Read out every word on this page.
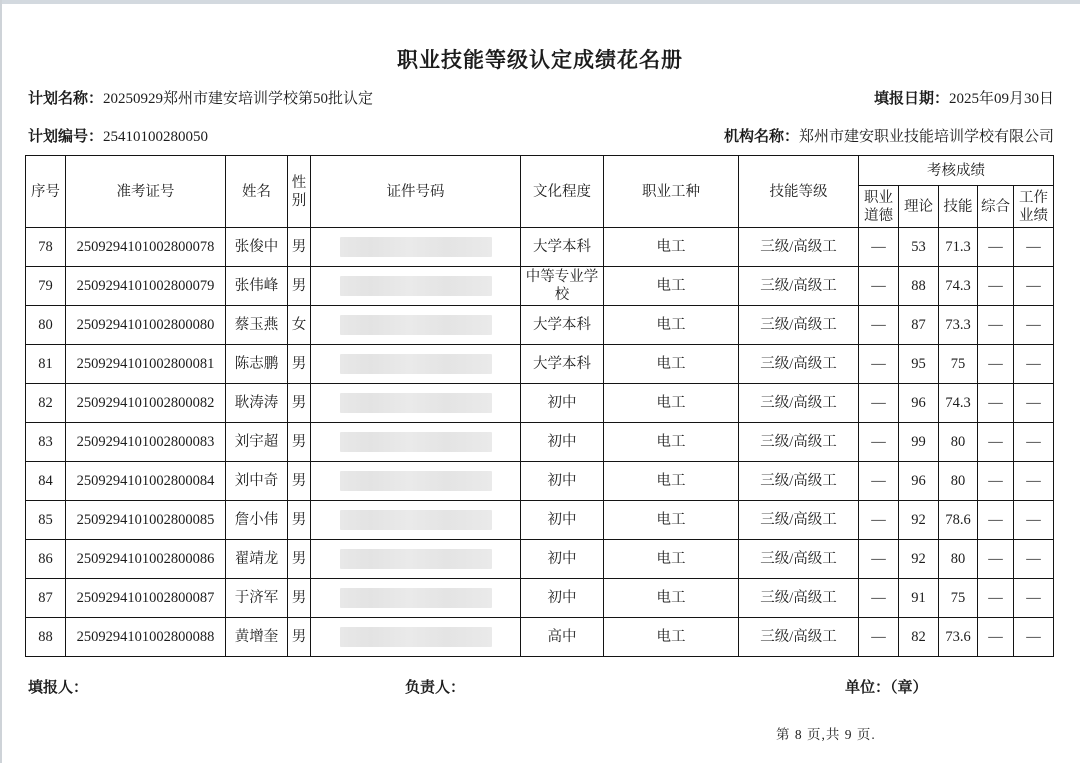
职业技能等级认定成绩花名册
计划名称：20250929郑州市建安培训学校第50批认定	填报日期：2025年09月30日
计划编号：25410100280050	机构名称：郑州市建安职业技能培训学校有限公司
序号	准考证号	姓名	性别	证件号码	文化程度	职业工种	技能等级	考核成绩				
								职业道德	理论	技能	综合	工作业绩
78	2509294101002800078	张俊中	男		大学本科	电工	三级/高级工	—	53	71.3	—	—
79	2509294101002800079	张伟峰	男		中等专业学校	电工	三级/高级工	—	88	74.3	—	—
80	2509294101002800080	蔡玉燕	女		大学本科	电工	三级/高级工	—	87	73.3	—	—
81	2509294101002800081	陈志鹏	男		大学本科	电工	三级/高级工	—	95	75	—	—
82	2509294101002800082	耿涛涛	男		初中	电工	三级/高级工	—	96	74.3	—	—
83	2509294101002800083	刘宇超	男		初中	电工	三级/高级工	—	99	80	—	—
84	2509294101002800084	刘中奇	男		初中	电工	三级/高级工	—	96	80	—	—
85	2509294101002800085	詹小伟	男		初中	电工	三级/高级工	—	92	78.6	—	—
86	2509294101002800086	翟靖龙	男		初中	电工	三级/高级工	—	92	80	—	—
87	2509294101002800087	于济军	男		初中	电工	三级/高级工	—	91	75	—	—
88	2509294101002800088	黄增奎	男		高中	电工	三级/高级工	—	82	73.6	—	—
填报人：	负责人：	单位：（章）
第 8 页,共 9 页.
